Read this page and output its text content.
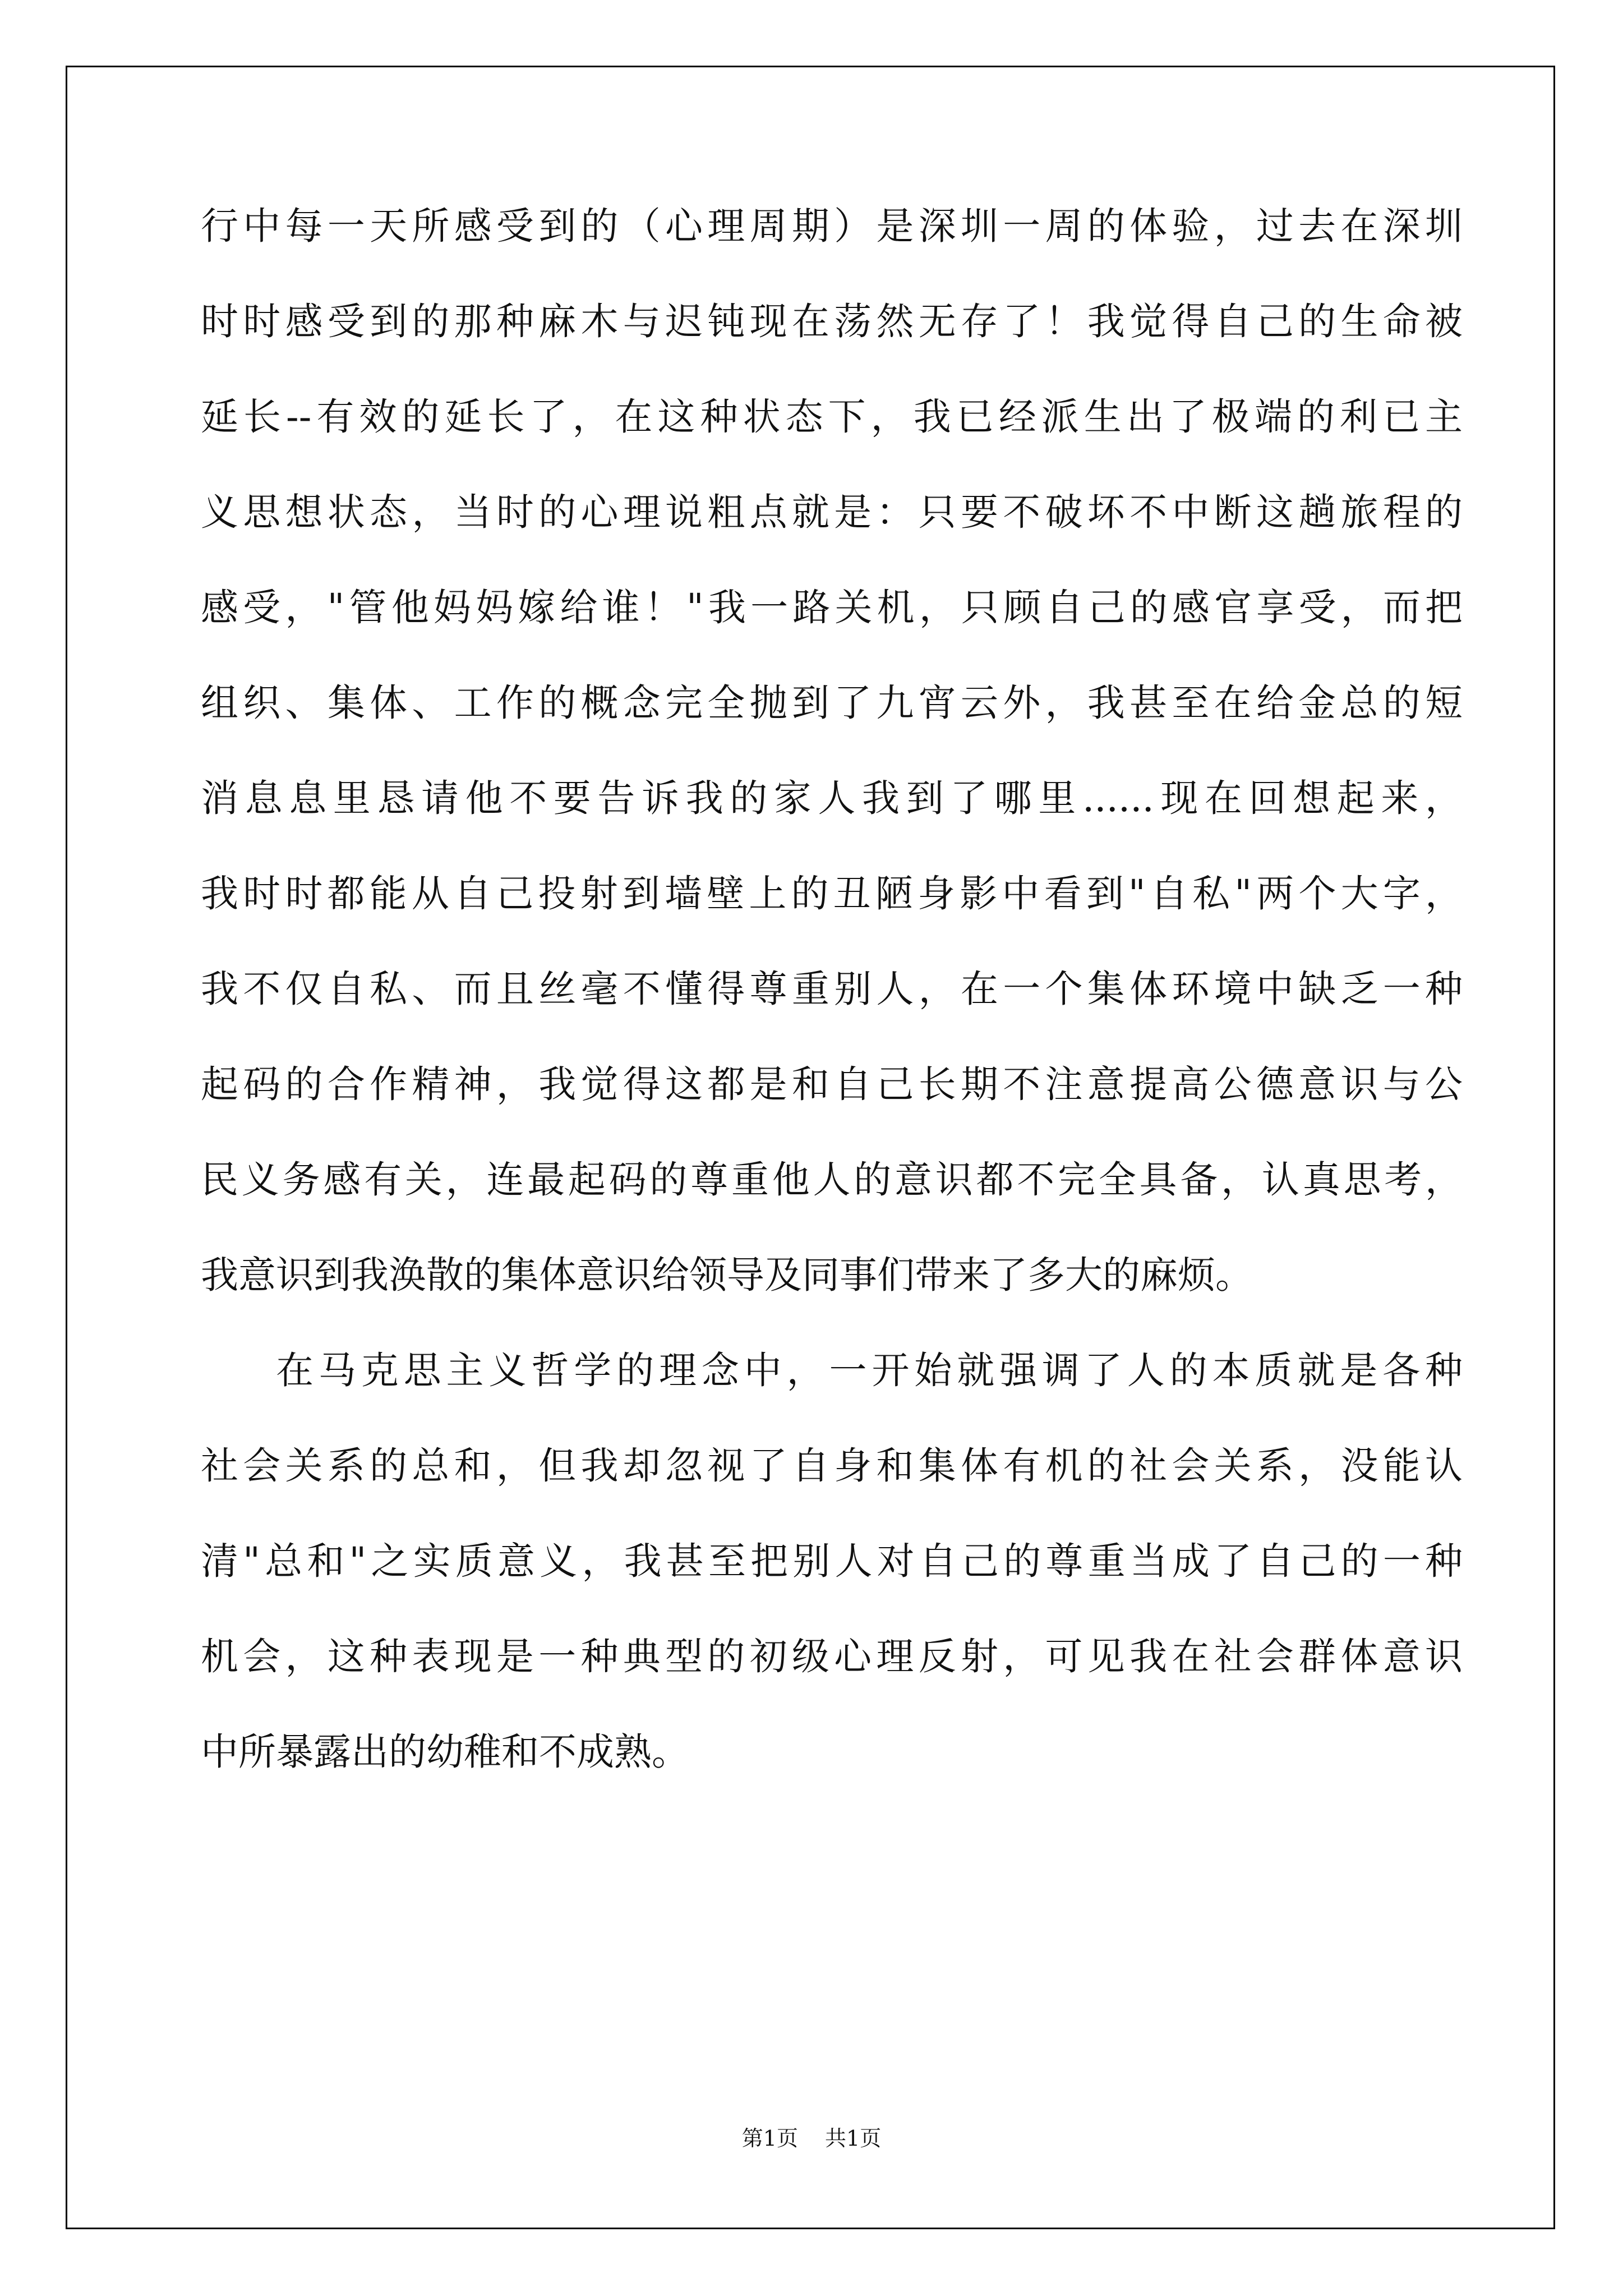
行中每一天所感受到的（心理周期）是深圳一周的体验，过去在深圳
时时感受到的那种麻木与迟钝现在荡然无存了！我觉得自己的生命被
延长--有效的延长了，在这种状态下，我已经派生出了极端的利已主
义思想状态，当时的心理说粗点就是：只要不破坏不中断这趟旅程的
感受，"管他妈妈嫁给谁！"我一路关机，只顾自己的感官享受，而把
组织、集体、工作的概念完全抛到了九宵云外，我甚至在给金总的短
消息息里恳请他不要告诉我的家人我到了哪里......现在回想起来，
我时时都能从自己投射到墙壁上的丑陋身影中看到"自私"两个大字，
我不仅自私、而且丝毫不懂得尊重别人，在一个集体环境中缺乏一种
起码的合作精神，我觉得这都是和自己长期不注意提高公德意识与公
民义务感有关，连最起码的尊重他人的意识都不完全具备，认真思考，
我意识到我涣散的集体意识给领导及同事们带来了多大的麻烦。
在马克思主义哲学的理念中，一开始就强调了人的本质就是各种
社会关系的总和，但我却忽视了自身和集体有机的社会关系，没能认
清"总和"之实质意义，我甚至把别人对自己的尊重当成了自己的一种
机会，这种表现是一种典型的初级心理反射，可见我在社会群体意识
中所暴露出的幼稚和不成熟。
第1页 共1页
